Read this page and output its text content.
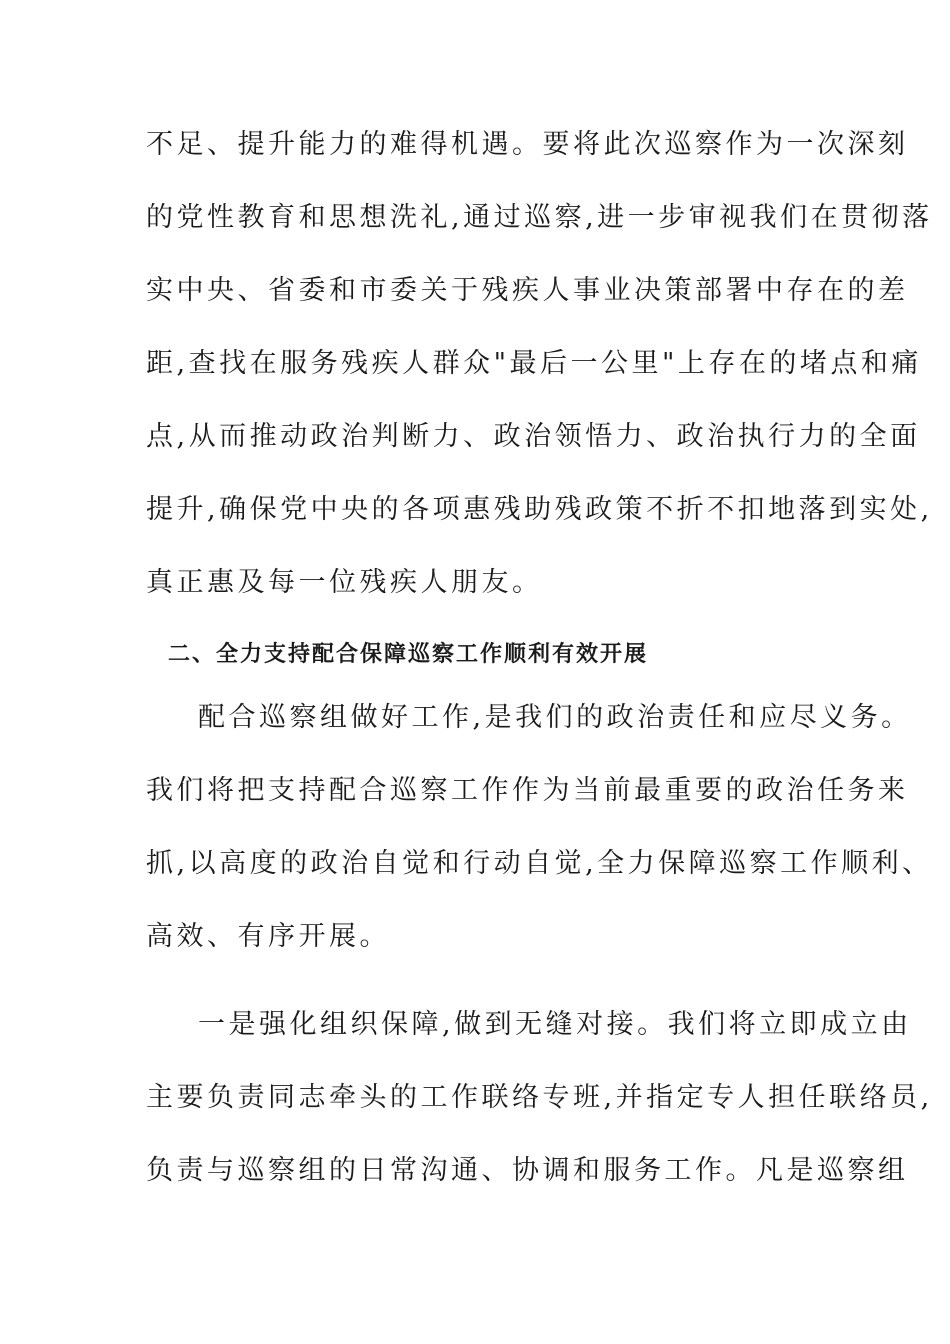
不足、提升能力的难得机遇。要将此次巡察作为一次深刻
的党性教育和思想洗礼,通过巡察,进一步审视我们在贯彻落
实中央、省委和市委关于残疾人事业决策部署中存在的差
距,查找在服务残疾人群众"最后一公里"上存在的堵点和痛
点,从而推动政治判断力、政治领悟力、政治执行力的全面
提升,确保党中央的各项惠残助残政策不折不扣地落到实处,
真正惠及每一位残疾人朋友。
二、全力支持配合保障巡察工作顺利有效开展
配合巡察组做好工作,是我们的政治责任和应尽义务。
我们将把支持配合巡察工作作为当前最重要的政治任务来
抓,以高度的政治自觉和行动自觉,全力保障巡察工作顺利、
高效、有序开展。
一是强化组织保障,做到无缝对接。我们将立即成立由
主要负责同志牵头的工作联络专班,并指定专人担任联络员,
负责与巡察组的日常沟通、协调和服务工作。凡是巡察组
